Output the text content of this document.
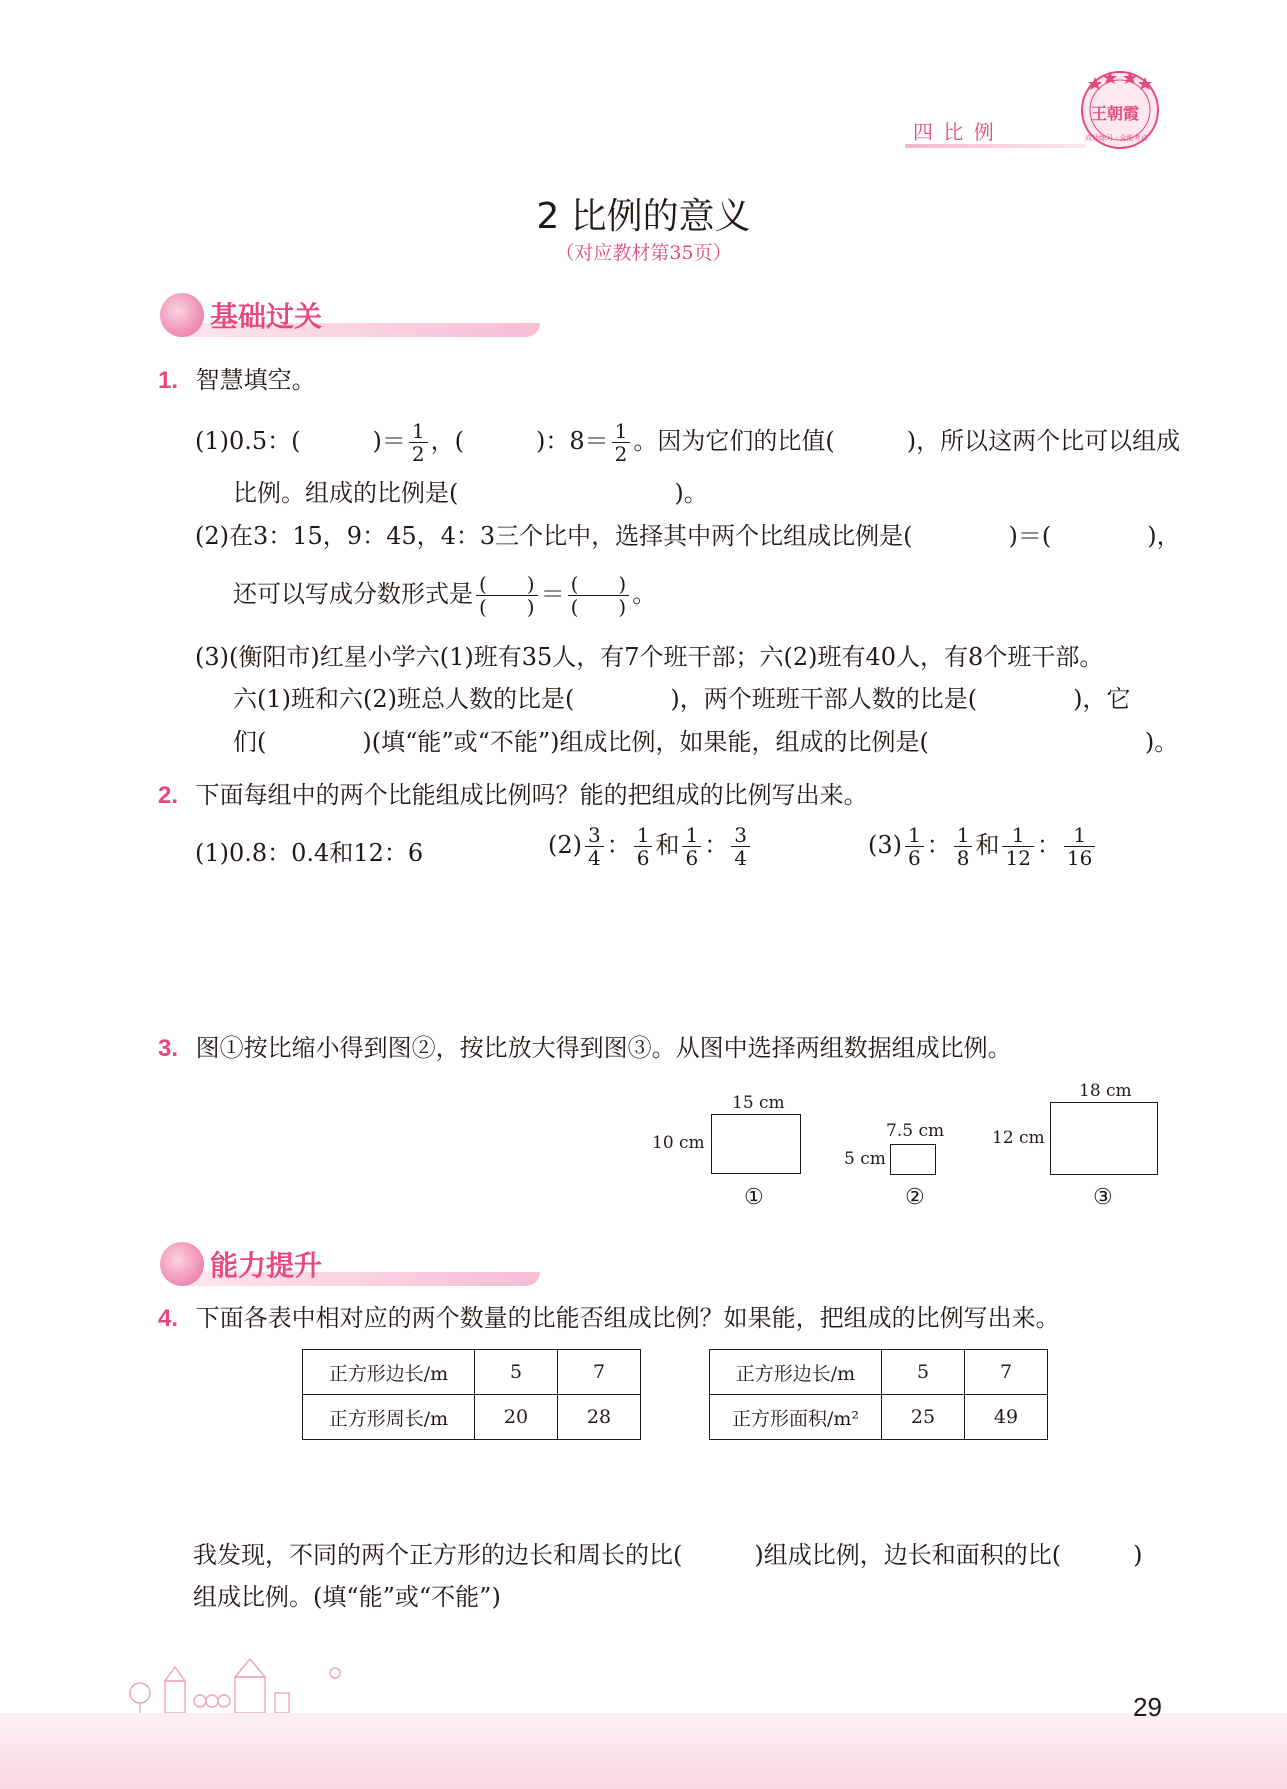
四 比 例
王朝霞
成功练习 · 全能考点
2 比例的意义
（对应教材第35页）
基础过关
1. 智慧填空。
(1)0.5：(　　　)＝ $\frac{1}{2}$ ，(　　　)：$8= \frac{1}{2}$ 。因为它们的比值(　　　)，所以这两个比可以组成
比例。组成的比例是(　　　　　　　　　)。
(2)在3：15，9：45，4：3三个比中，选择其中两个比组成比例是(　　　　)＝(　　　　)，
还可以写成分数形式是 $\frac{( )}{( )} = \frac{( )}{( )}$ 。
(3)(衡阳市)红星小学六(1)班有35人，有7个班干部；六(2)班有40人，有8个班干部。
六(1)班和六(2)班总人数的比是(　　　　)，两个班班干部人数的比是(　　　　)，它
们(　　　　)(填“能”或“不能”)组成比例，如果能，组成的比例是(　　　　　　　　　)。
2. 下面每组中的两个比能组成比例吗？能的把组成的比例写出来。
(1)0.8：0.4和12：6	$(2) \frac{3}{4}$ ： $\frac{1}{6}$ 和 $\frac{1}{6}$ ： $\frac{3}{4}$	$(3) \frac{1}{6}$ ： $\frac{1}{8}$ 和 $\frac{1}{12}$ ： $\frac{1}{16}$
3. 图①按比缩小得到图②，按比放大得到图③。从图中选择两组数据组成比例。
15 cm
10 cm
①
7.5 cm
5 cm
②
18 cm
12 cm
③
能力提升
4. 下面各表中相对应的两个数量的比能否组成比例？如果能，把组成的比例写出来。
正方形边长/m	5	7
正方形周长/m	20	28
正方形边长/m	5	7
正方形面积/m²	25	49
我发现，不同的两个正方形的边长和周长的比(　　　)组成比例，边长和面积的比(　　　)
组成比例。(填“能”或“不能”)
29
